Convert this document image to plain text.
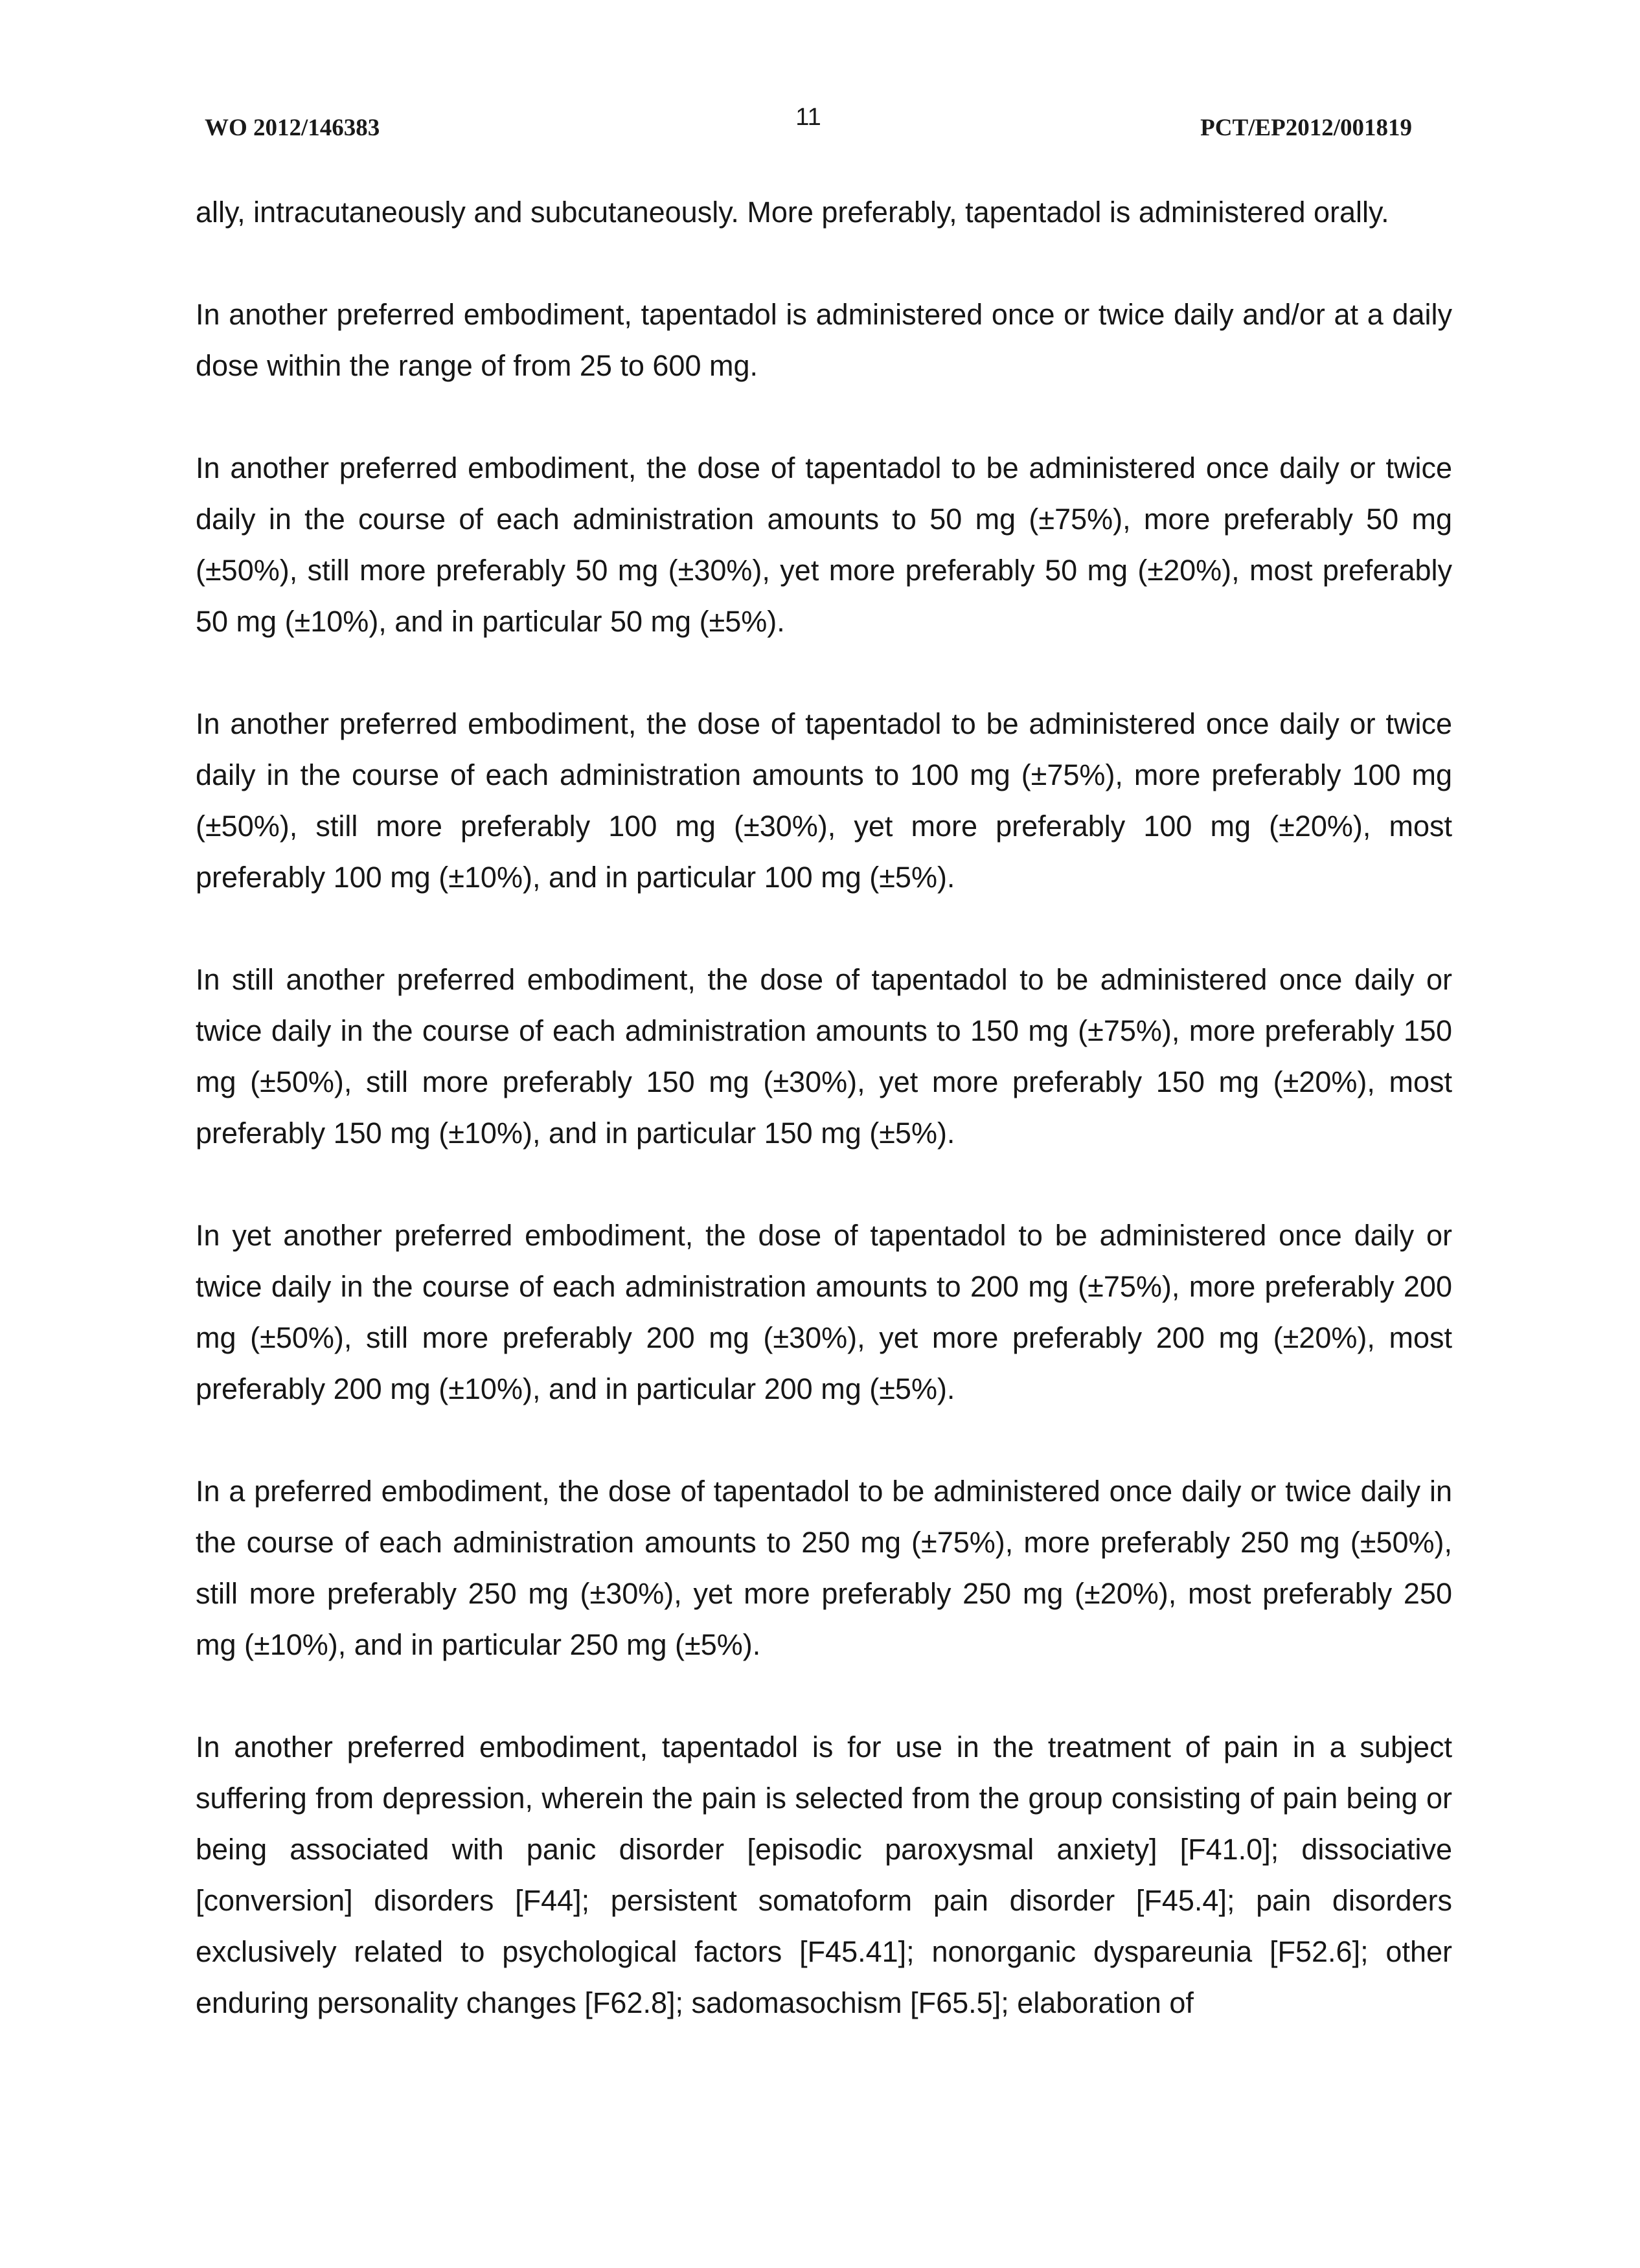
WO 2012/146383	11	PCT/EP2012/001819

ally, intracutaneously and subcutaneously. More preferably, tapentadol is administered orally.

In another preferred embodiment, tapentadol is administered once or twice daily and/or at a daily dose within the range of from 25 to 600 mg.

In another preferred embodiment, the dose of tapentadol to be administered once daily or twice daily in the course of each administration amounts to 50 mg (±75%), more preferably 50 mg (±50%), still more preferably 50 mg (±30%), yet more preferably 50 mg (±20%), most preferably 50 mg (±10%), and in particular 50 mg (±5%).

In another preferred embodiment, the dose of tapentadol to be administered once daily or twice daily in the course of each administration amounts to 100 mg (±75%), more preferably 100 mg (±50%), still more preferably 100 mg (±30%), yet more preferably 100 mg (±20%), most preferably 100 mg (±10%), and in particular 100 mg (±5%).

In still another preferred embodiment, the dose of tapentadol to be administered once daily or twice daily in the course of each administration amounts to 150 mg (±75%), more preferably 150 mg (±50%), still more preferably 150 mg (±30%), yet more preferably 150 mg (±20%), most preferably 150 mg (±10%), and in particular 150 mg (±5%).

In yet another preferred embodiment, the dose of tapentadol to be administered once daily or twice daily in the course of each administration amounts to 200 mg (±75%), more preferably 200 mg (±50%), still more preferably 200 mg (±30%), yet more preferably 200 mg (±20%), most preferably 200 mg (±10%), and in particular 200 mg (±5%).

In a preferred embodiment, the dose of tapentadol to be administered once daily or twice daily in the course of each administration amounts to 250 mg (±75%), more preferably 250 mg (±50%), still more preferably 250 mg (±30%), yet more preferably 250 mg (±20%), most preferably 250 mg (±10%), and in particular 250 mg (±5%).

In another preferred embodiment, tapentadol is for use in the treatment of pain in a subject suffering from depression, wherein the pain is selected from the group consisting of pain being or being associated with panic disorder [episodic paroxysmal anxiety] [F41.0]; dissociative [conversion] disorders [F44]; persistent somatoform pain disorder [F45.4]; pain disorders exclusively related to psychological factors [F45.41]; nonorganic dyspareunia [F52.6]; other enduring personality changes [F62.8]; sadomasochism [F65.5]; elaboration of
